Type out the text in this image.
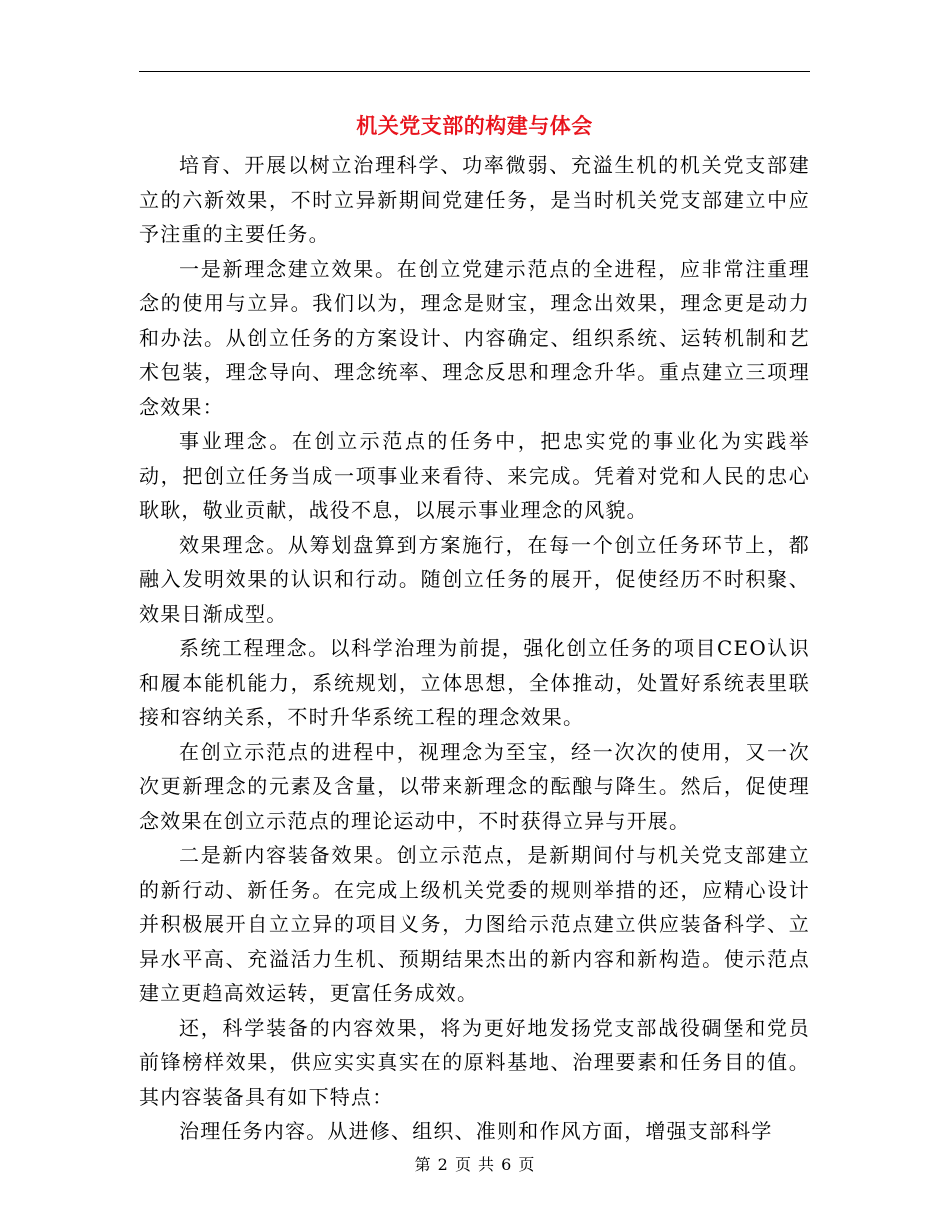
机关党支部的构建与体会

培育、开展以树立治理科学、功率微弱、充溢生机的机关党支部建立的六新效果，不时立异新期间党建任务，是当时机关党支部建立中应予注重的主要任务。

一是新理念建立效果。在创立党建示范点的全进程，应非常注重理念的使用与立异。我们以为，理念是财宝，理念出效果，理念更是动力和办法。从创立任务的方案设计、内容确定、组织系统、运转机制和艺术包装，理念导向、理念统率、理念反思和理念升华。重点建立三项理念效果：

事业理念。在创立示范点的任务中，把忠实党的事业化为实践举动，把创立任务当成一项事业来看待、来完成。凭着对党和人民的忠心耿耿，敬业贡献，战役不息，以展示事业理念的风貌。

效果理念。从筹划盘算到方案施行，在每一个创立任务环节上，都融入发明效果的认识和行动。随创立任务的展开，促使经历不时积聚、效果日渐成型。

系统工程理念。以科学治理为前提，强化创立任务的项目CEO认识和履本能机能力，系统规划，立体思想，全体推动，处置好系统表里联接和容纳关系，不时升华系统工程的理念效果。

在创立示范点的进程中，视理念为至宝，经一次次的使用，又一次次更新理念的元素及含量，以带来新理念的酝酿与降生。然后，促使理念效果在创立示范点的理论运动中，不时获得立异与开展。

二是新内容装备效果。创立示范点，是新期间付与机关党支部建立的新行动、新任务。在完成上级机关党委的规则举措的还，应精心设计并积极展开自立立异的项目义务，力图给示范点建立供应装备科学、立异水平高、充溢活力生机、预期结果杰出的新内容和新构造。使示范点建立更趋高效运转，更富任务成效。

还，科学装备的内容效果，将为更好地发扬党支部战役碉堡和党员前锋榜样效果，供应实实真实在的原料基地、治理要素和任务目的值。其内容装备具有如下特点：

治理任务内容。从进修、组织、准则和作风方面，增强支部科学

第 2 页 共 6 页
